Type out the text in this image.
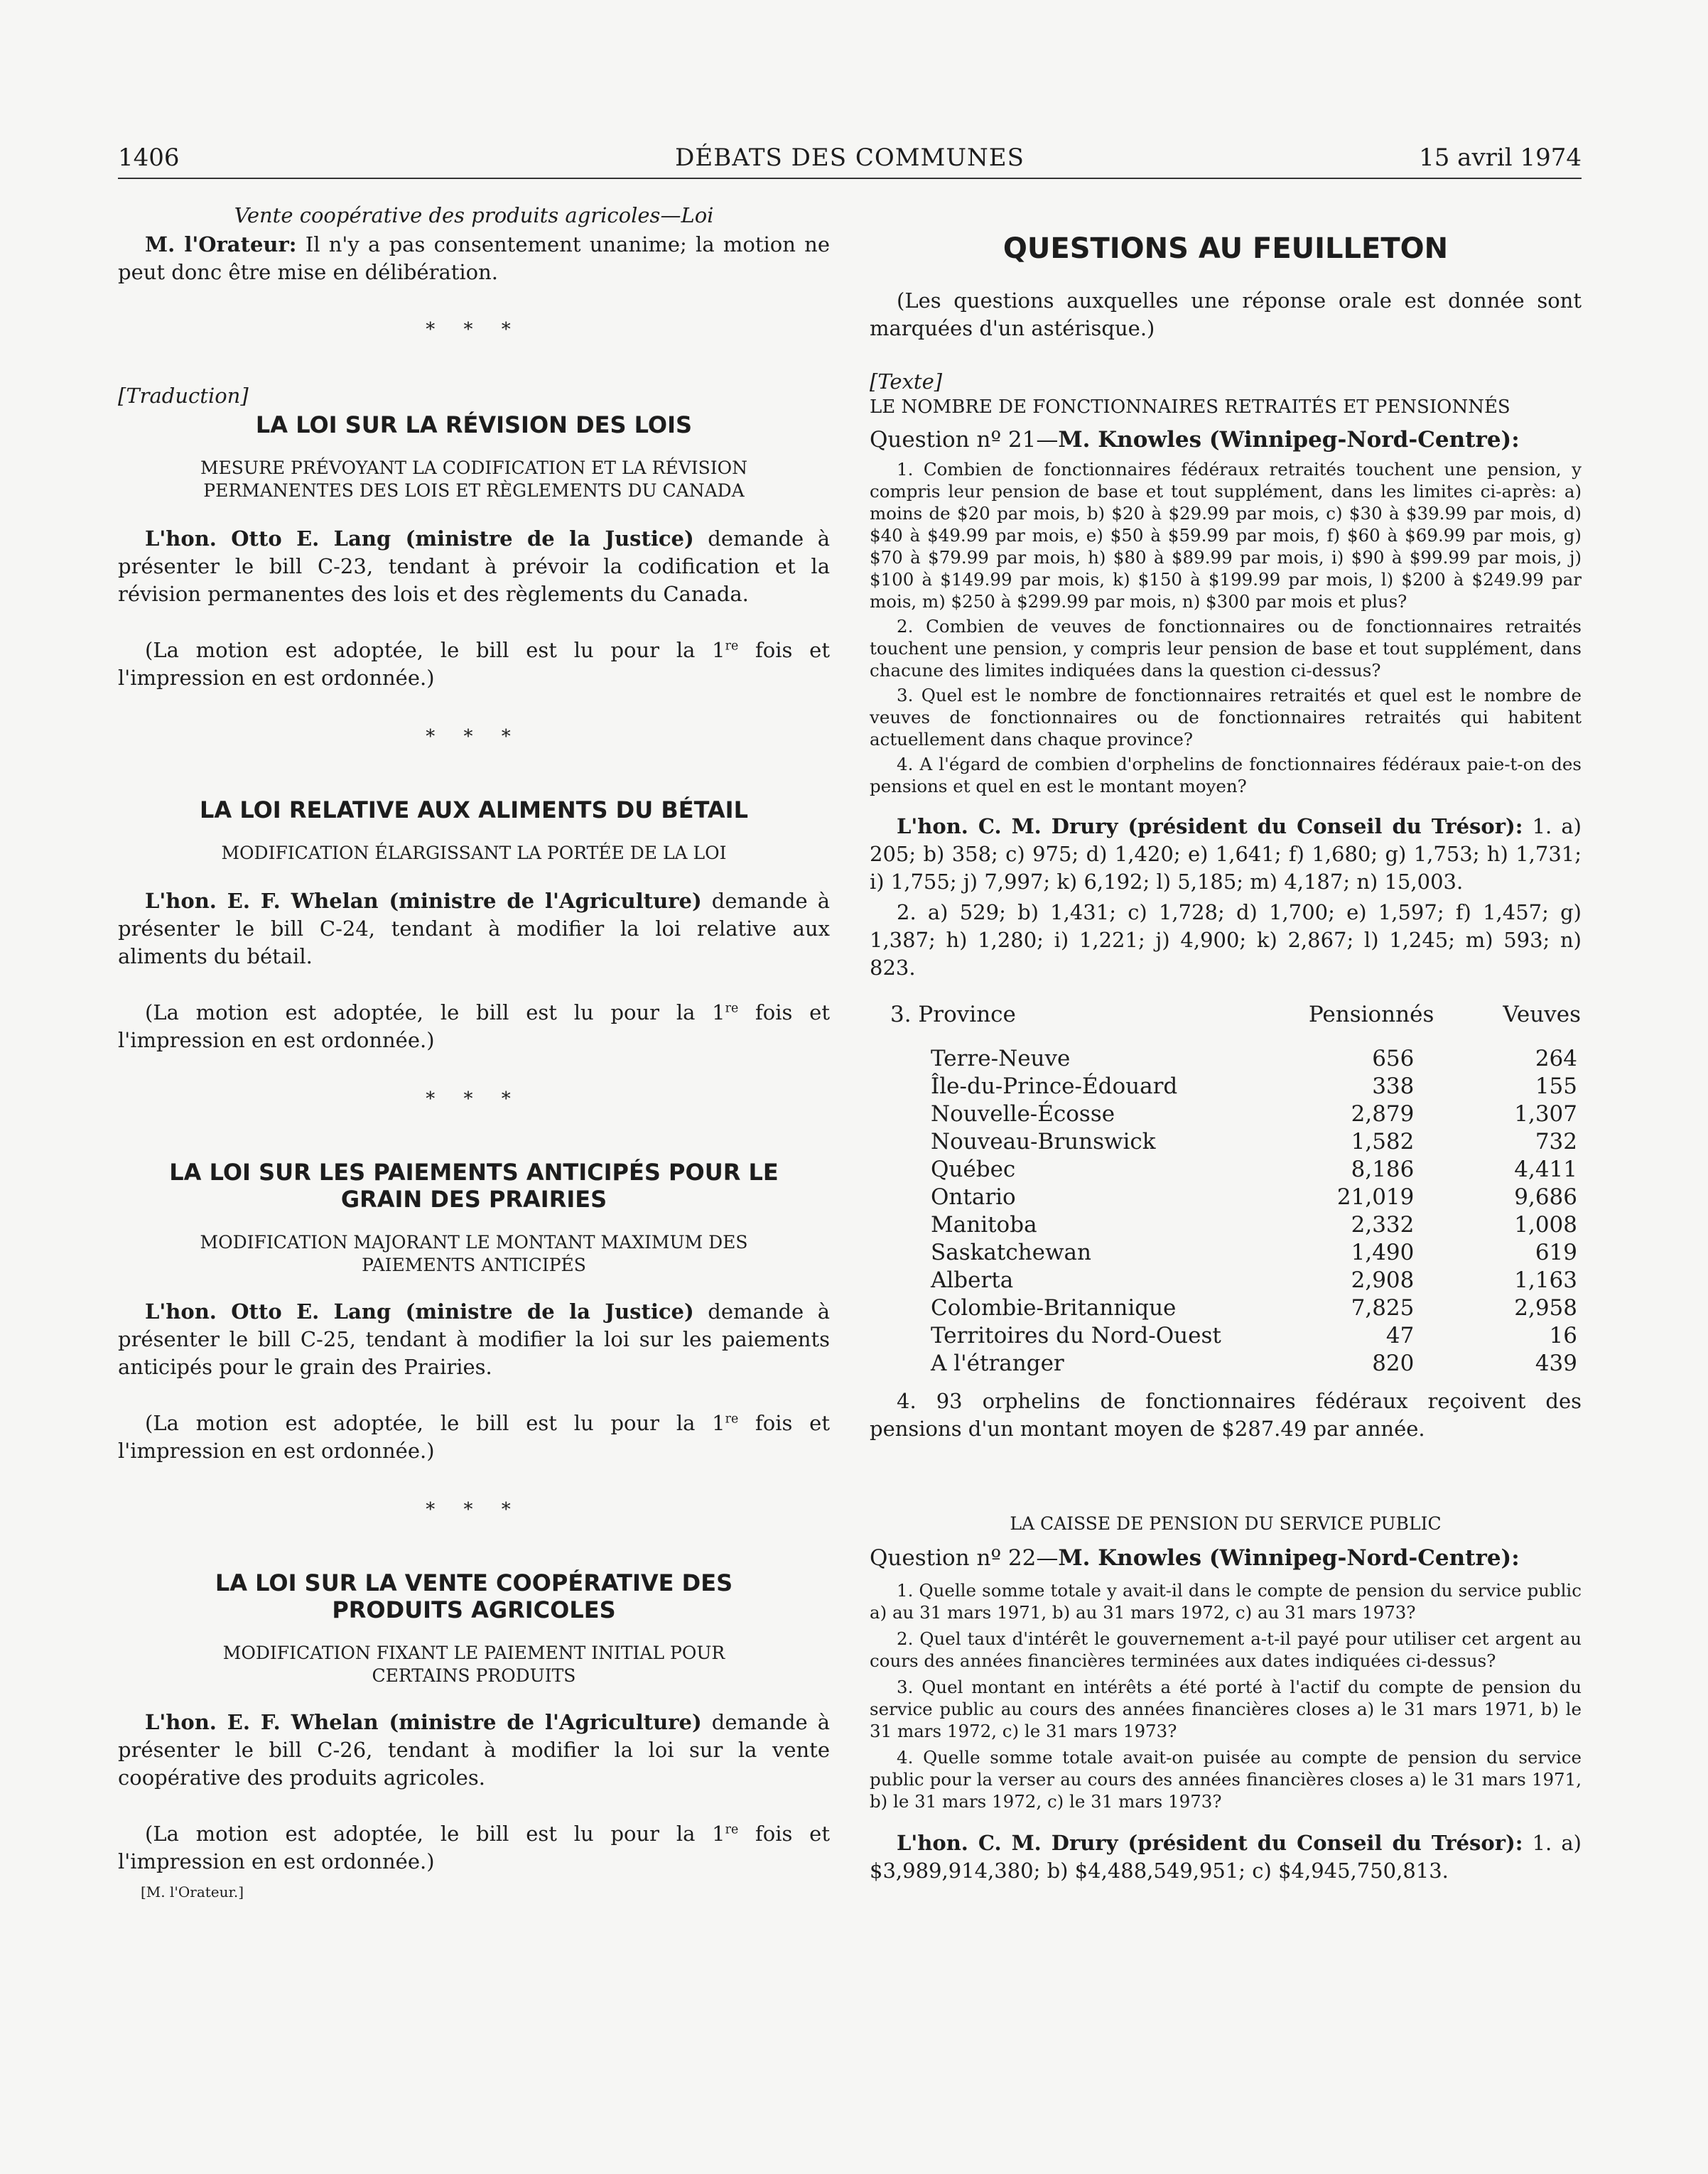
DÉBATS DES COMMUNES
1406	15 avril 1974

Vente coopérative des produits agricoles—Loi

M. l'Orateur: Il n'y a pas consentement unanime; la motion ne peut donc être mise en délibération.

* * *

[Traduction]

LA LOI SUR LA RÉVISION DES LOIS
MESURE PRÉVOYANT LA CODIFICATION ET LA RÉVISION PERMANENTES DES LOIS ET RÈGLEMENTS DU CANADA

L'hon. Otto E. Lang (ministre de la Justice) demande à présenter le bill C-23, tendant à prévoir la codification et la révision permanentes des lois et des règlements du Canada.

(La motion est adoptée, le bill est lu pour la 1re fois et l'impression en est ordonnée.)

* * *
LA LOI RELATIVE AUX ALIMENTS DU BÉTAIL
MODIFICATION ÉLARGISSANT LA PORTÉE DE LA LOI

L'hon. E. F. Whelan (ministre de l'Agriculture) demande à présenter le bill C-24, tendant à modifier la loi relative aux aliments du bétail.

(La motion est adoptée, le bill est lu pour la 1re fois et l'impression en est ordonnée.)

* * *
LA LOI SUR LES PAIEMENTS ANTICIPÉS POUR LE GRAIN DES PRAIRIES
MODIFICATION MAJORANT LE MONTANT MAXIMUM DES PAIEMENTS ANTICIPÉS

L'hon. Otto E. Lang (ministre de la Justice) demande à présenter le bill C-25, tendant à modifier la loi sur les paiements anticipés pour le grain des Prairies.

(La motion est adoptée, le bill est lu pour la 1re fois et l'impression en est ordonnée.)

* * *
LA LOI SUR LA VENTE COOPÉRATIVE DES PRODUITS AGRICOLES
MODIFICATION FIXANT LE PAIEMENT INITIAL POUR CERTAINS PRODUITS

L'hon. E. F. Whelan (ministre de l'Agriculture) demande à présenter le bill C-26, tendant à modifier la loi sur la vente coopérative des produits agricoles.

(La motion est adoptée, le bill est lu pour la 1re fois et l'impression en est ordonnée.)

[M. l'Orateur.]

QUESTIONS AU FEUILLETON

(Les questions auxquelles une réponse orale est donnée sont marquées d'un astérisque.)

[Texte]

LE NOMBRE DE FONCTIONNAIRES RETRAITÉS ET PENSIONNÉS

Question nº 21—M. Knowles (Winnipeg-Nord-Centre):

1. Combien de fonctionnaires fédéraux retraités touchent une pension, y compris leur pension de base et tout supplément, dans les limites ci-après: a) moins de $20 par mois, b) $20 à $29.99 par mois, c) $30 à $39.99 par mois, d) $40 à $49.99 par mois, e) $50 à $59.99 par mois, f) $60 à $69.99 par mois, g) $70 à $79.99 par mois, h) $80 à $89.99 par mois, i) $90 à $99.99 par mois, j) $100 à $149.99 par mois, k) $150 à $199.99 par mois, l) $200 à $249.99 par mois, m) $250 à $299.99 par mois, n) $300 par mois et plus?

2. Combien de veuves de fonctionnaires ou de fonctionnaires retraités touchent une pension, y compris leur pension de base et tout supplément, dans chacune des limites indiquées dans la question ci-dessus?

3. Quel est le nombre de fonctionnaires retraités et quel est le nombre de veuves de fonctionnaires ou de fonctionnaires retraités qui habitent actuellement dans chaque province?

4. A l'égard de combien d'orphelins de fonctionnaires fédéraux paie-t-on des pensions et quel en est le montant moyen?

L'hon. C. M. Drury (président du Conseil du Trésor): 1. a) 205; b) 358; c) 975; d) 1,420; e) 1,641; f) 1,680; g) 1,753; h) 1,731; i) 1,755; j) 7,997; k) 6,192; l) 5,185; m) 4,187; n) 15,003.

2. a) 529; b) 1,431; c) 1,728; d) 1,700; e) 1,597; f) 1,457; g) 1,387; h) 1,280; i) 1,221; j) 4,900; k) 2,867; l) 1,245; m) 593; n) 823.

3. Province	Pensionnés	Veuves

Terre-Neuve	656	264
Île-du-Prince-Édouard	338	155
Nouvelle-Écosse	2,879	1,307
Nouveau-Brunswick	1,582	732
Québec	8,186	4,411
Ontario	21,019	9,686
Manitoba	2,332	1,008
Saskatchewan	1,490	619
Alberta	2,908	1,163
Colombie-Britannique	7,825	2,958
Territoires du Nord-Ouest	47	16
A l'étranger	820	439

4. 93 orphelins de fonctionnaires fédéraux reçoivent des pensions d'un montant moyen de $287.49 par année.

LA CAISSE DE PENSION DU SERVICE PUBLIC

Question nº 22—M. Knowles (Winnipeg-Nord-Centre):

1. Quelle somme totale y avait-il dans le compte de pension du service public a) au 31 mars 1971, b) au 31 mars 1972, c) au 31 mars 1973?

2. Quel taux d'intérêt le gouvernement a-t-il payé pour utiliser cet argent au cours des années financières terminées aux dates indiquées ci-dessus?

3. Quel montant en intérêts a été porté à l'actif du compte de pension du service public au cours des années financières closes a) le 31 mars 1971, b) le 31 mars 1972, c) le 31 mars 1973?

4. Quelle somme totale avait-on puisée au compte de pension du service public pour la verser au cours des années financières closes a) le 31 mars 1971, b) le 31 mars 1972, c) le 31 mars 1973?

L'hon. C. M. Drury (président du Conseil du Trésor): 1. a) $3,989,914,380; b) $4,488,549,951; c) $4,945,750,813.
